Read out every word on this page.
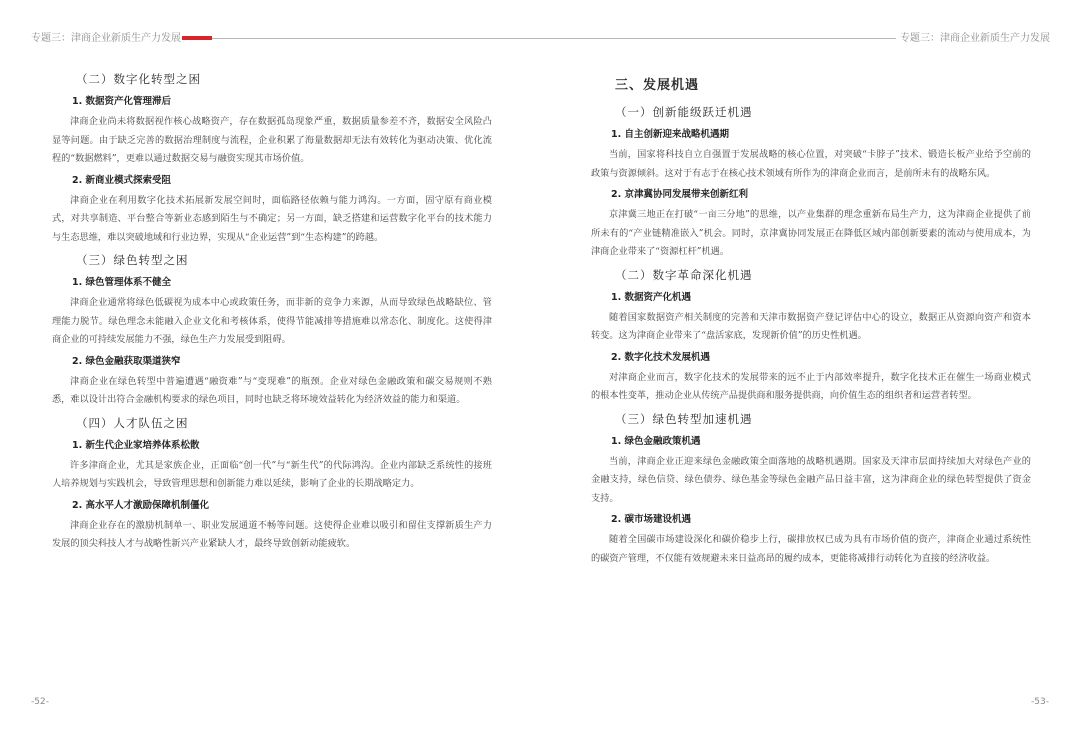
专题三：津商企业新质生产力发展	专题三：津商企业新质生产力发展
（二）数字化转型之困
1. 数据资产化管理滞后

津商企业尚未将数据视作核心战略资产，存在数据孤岛现象严重，数据质量参差不齐，数据安全风险凸显等问题。由于缺乏完善的数据治理制度与流程，企业积累了海量数据却无法有效转化为驱动决策、优化流程的“数据燃料”，更难以通过数据交易与融资实现其市场价值。

2. 新商业模式探索受阻

津商企业在利用数字化技术拓展新发展空间时，面临路径依赖与能力鸿沟。一方面，固守原有商业模式，对共享制造、平台整合等新业态感到陌生与不确定；另一方面，缺乏搭建和运营数字化平台的技术能力与生态思维，难以突破地域和行业边界，实现从“企业运营”到“生态构建”的跨越。

（三）绿色转型之困
1. 绿色管理体系不健全

津商企业通常将绿色低碳视为成本中心或政策任务，而非新的竞争力来源，从而导致绿色战略缺位、管理能力脱节。绿色理念未能融入企业文化和考核体系，使得节能减排等措施难以常态化、制度化。这使得津商企业的可持续发展能力不强，绿色生产力发展受到阻碍。

2. 绿色金融获取渠道狭窄

津商企业在绿色转型中普遍遭遇“融资难”与“变现难”的瓶颈。企业对绿色金融政策和碳交易规则不熟悉，难以设计出符合金融机构要求的绿色项目，同时也缺乏将环境效益转化为经济效益的能力和渠道。

（四）人才队伍之困
1. 新生代企业家培养体系松散

许多津商企业，尤其是家族企业，正面临“创一代”与“新生代”的代际鸿沟。企业内部缺乏系统性的接班人培养规划与实践机会，导致管理思想和创新能力难以延续，影响了企业的长期战略定力。

2. 高水平人才激励保障机制僵化

津商企业存在的激励机制单一、职业发展通道不畅等问题。这使得企业难以吸引和留住支撑新质生产力发展的顶尖科技人才与战略性新兴产业紧缺人才，最终导致创新动能疲软。

-52-
三、发展机遇
（一）创新能级跃迁机遇
1. 自主创新迎来战略机遇期

当前，国家将科技自立自强置于发展战略的核心位置，对突破“卡脖子”技术、锻造长板产业给予空前的政策与资源倾斜。这对于有志于在核心技术领域有所作为的津商企业而言，是前所未有的战略东风。

2. 京津冀协同发展带来创新红利

京津冀三地正在打破“一亩三分地”的思维，以产业集群的理念重新布局生产力，这为津商企业提供了前所未有的“产业链精准嵌入”机会。同时，京津冀协同发展正在降低区域内部创新要素的流动与使用成本，为津商企业带来了“资源杠杆”机遇。

（二）数字革命深化机遇
1. 数据资产化机遇

随着国家数据资产相关制度的完善和天津市数据资产登记评估中心的设立，数据正从资源向资产和资本转变。这为津商企业带来了“盘活家底，发现新价值”的历史性机遇。

2. 数字化技术发展机遇

对津商企业而言，数字化技术的发展带来的远不止于内部效率提升，数字化技术正在催生一场商业模式的根本性变革，推动企业从传统产品提供商和服务提供商，向价值生态的组织者和运营者转型。

（三）绿色转型加速机遇
1. 绿色金融政策机遇

当前，津商企业正迎来绿色金融政策全面落地的战略机遇期。国家及天津市层面持续加大对绿色产业的金融支持，绿色信贷、绿色债券、绿色基金等绿色金融产品日益丰富，这为津商企业的绿色转型提供了资金支持。

2. 碳市场建设机遇

随着全国碳市场建设深化和碳价稳步上行，碳排放权已成为具有市场价值的资产，津商企业通过系统性的碳资产管理，不仅能有效规避未来日益高昂的履约成本，更能将减排行动转化为直接的经济收益。

-53-
